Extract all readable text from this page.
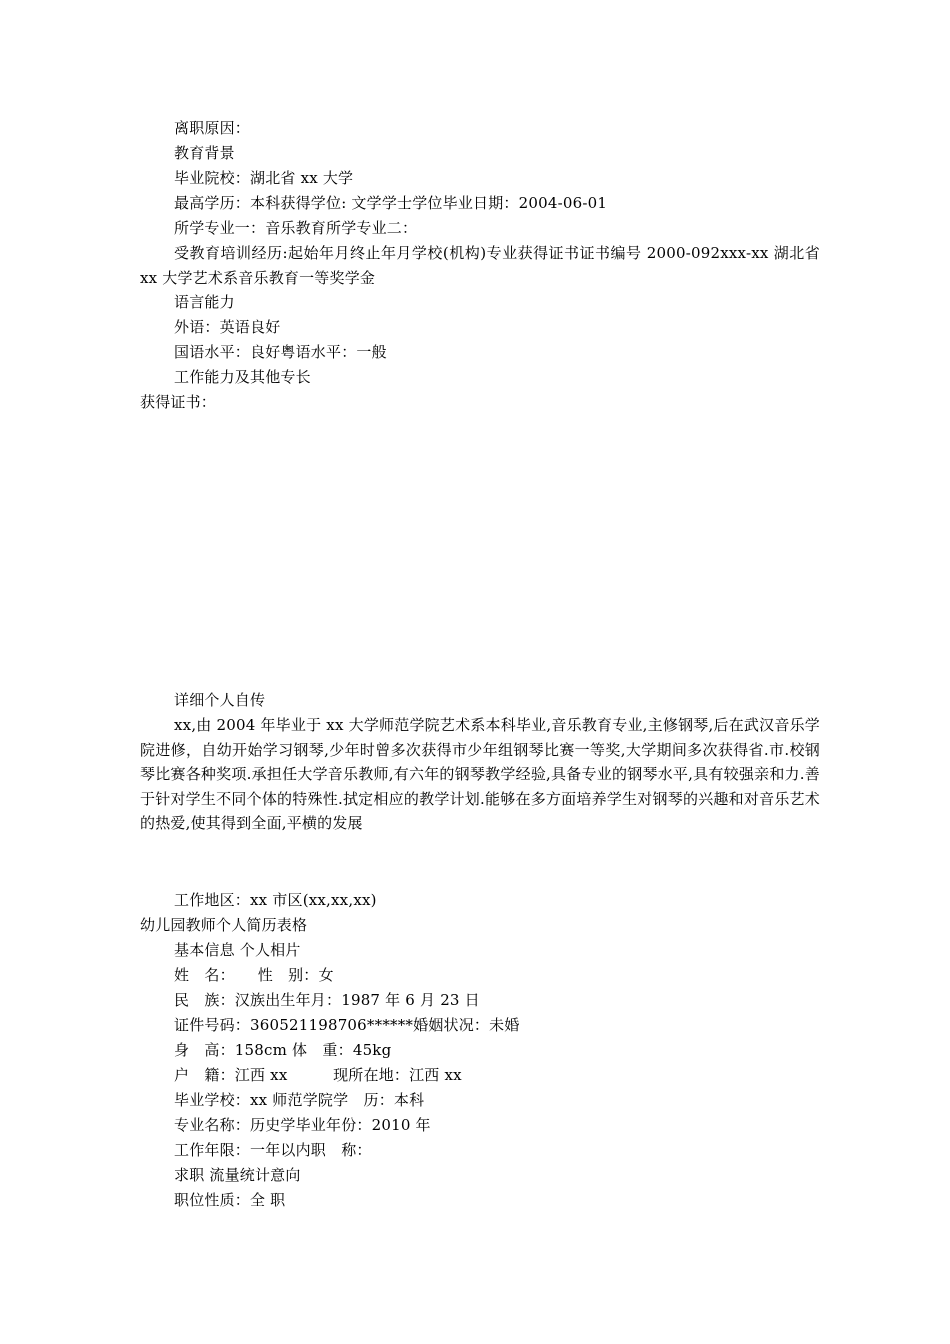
离职原因：
教育背景
毕业院校：湖北省 xx 大学
最高学历：本科获得学位: 文学学士学位毕业日期：2004-06-01
所学专业一：音乐教育所学专业二：
受教育培训经历:起始年月终止年月学校(机构)专业获得证书证书编号 2000-092xxx-xx 湖北省 xx 大学艺术系音乐教育一等奖学金
语言能力
外语：英语良好
国语水平：良好粤语水平：一般
工作能力及其他专长
获得证书：
详细个人自传
xx,由 2004 年毕业于 xx 大学师范学院艺术系本科毕业,音乐教育专业,主修钢琴,后在武汉音乐学院进修，自幼开始学习钢琴,少年时曾多次获得市少年组钢琴比赛一等奖,大学期间多次获得省.市.校钢琴比赛各种奖项.承担任大学音乐教师,有六年的钢琴教学经验,具备专业的钢琴水平,具有较强亲和力.善于针对学生不同个体的特殊性.拭定相应的教学计划.能够在多方面培养学生对钢琴的兴趣和对音乐艺术的热爱,使其得到全面,平横的发展
工作地区：xx 市区(xx,xx,xx)
幼儿园教师个人简历表格
基本信息 个人相片
姓　名：　　性　别：女
民　族：汉族出生年月：1987 年 6 月 23 日
证件号码：360521198706******婚姻状况：未婚
身　高：158cm 体　重：45kg
户　籍：江西 xx　　　现所在地：江西 xx
毕业学校：xx 师范学院学　历：本科
专业名称：历史学毕业年份：2010 年
工作年限：一年以内职　称：
求职 流量统计意向
职位性质：全 职
